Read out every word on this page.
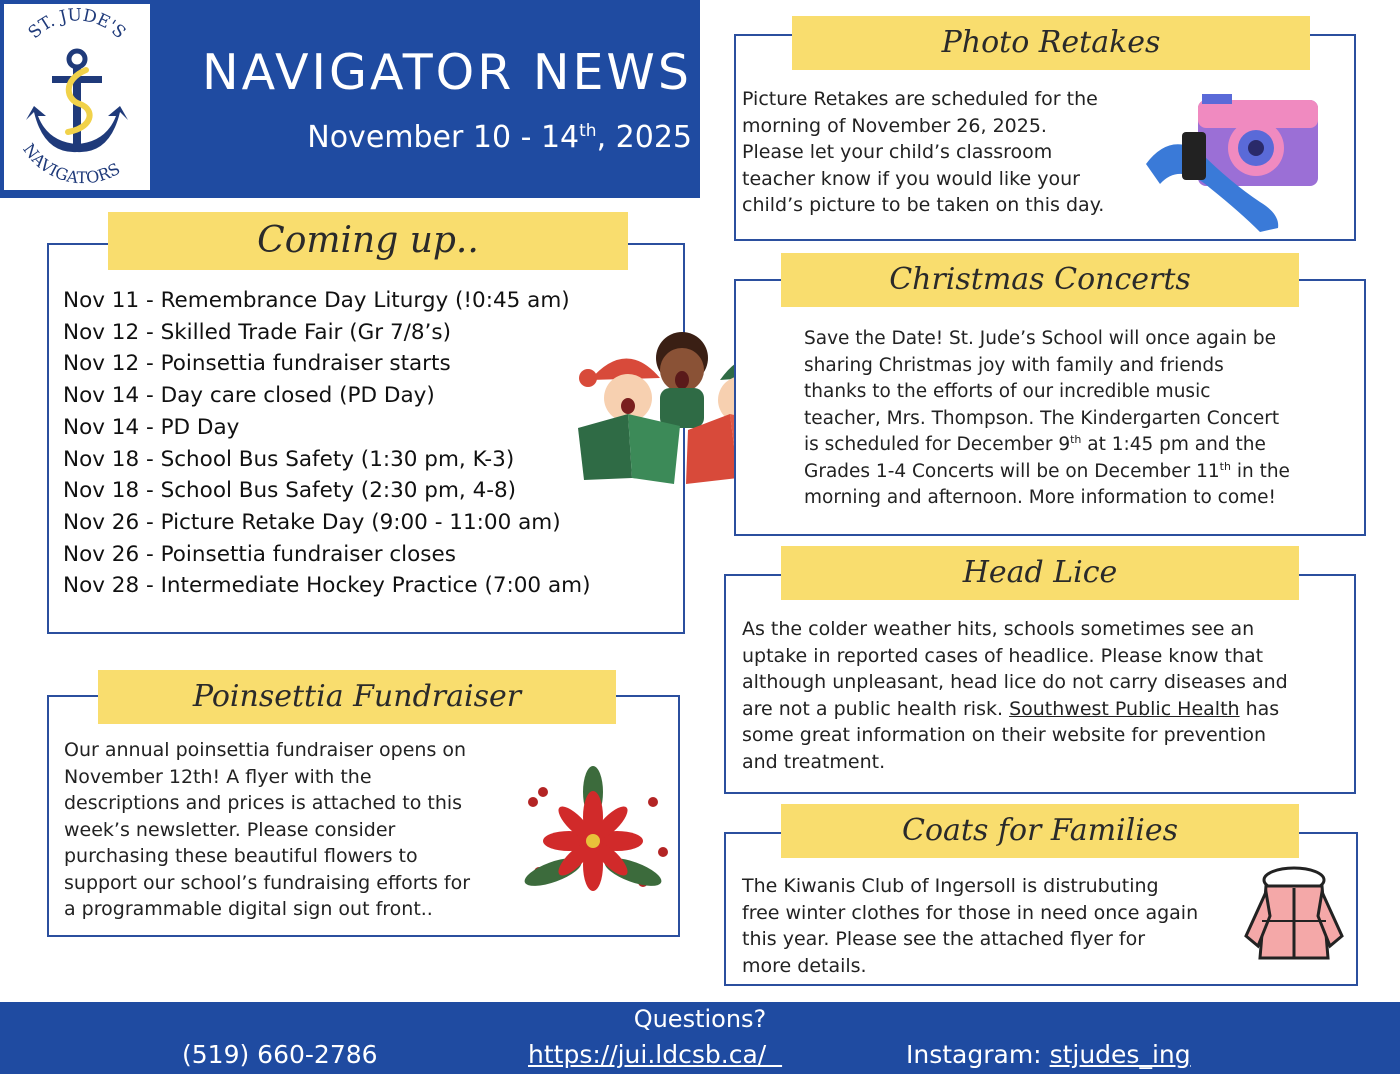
ST. JUDE'S
NAVIGATORS
NAVIGATOR NEWS
November 10 - 14th, 2025
Coming up..
Nov 11 - Remembrance Day Liturgy (!0:45 am)
Nov 12 - Skilled Trade Fair (Gr 7/8’s)
Nov 12 - Poinsettia fundraiser starts
Nov 14 - Day care closed (PD Day)
Nov 14 - PD Day
Nov 18 - School Bus Safety (1:30 pm, K-3)
Nov 18 - School Bus Safety (2:30 pm, 4-8)
Nov 26 - Picture Retake Day (9:00 - 11:00 am)
Nov 26 - Poinsettia fundraiser closes
Nov 28 - Intermediate Hockey Practice (7:00 am)
Poinsettia Fundraiser
Our annual poinsettia fundraiser opens on
November 12th! A flyer with the
descriptions and prices is attached to this
week’s newsletter. Please consider
purchasing these beautiful flowers to
support our school’s fundraising efforts for
a programmable digital sign out front..
Photo Retakes
Picture Retakes are scheduled for the
morning of November 26, 2025.
Please let your child’s classroom
teacher know if you would like your
child’s picture to be taken on this day.
Christmas Concerts
Save the Date! St. Jude’s School will once again be
sharing Christmas joy with family and friends
thanks to the efforts of our incredible music
teacher, Mrs. Thompson. The Kindergarten Concert
is scheduled for December 9th at 1:45 pm and the
Grades 1-4 Concerts will be on December 11th in the
morning and afternoon. More information to come!
Head Lice
As the colder weather hits, schools sometimes see an
uptake in reported cases of headlice. Please know that
although unpleasant, head lice do not carry diseases and
are not a public health risk. Southwest Public Health has
some great information on their website for prevention
and treatment.
Coats for Families
The Kiwanis Club of Ingersoll is distrubuting
free winter clothes for those in need once again
this year. Please see the attached flyer for
more details.
Questions?
(519) 660-2786	https://jui.ldcsb.ca/	Instagram: stjudes_ing
